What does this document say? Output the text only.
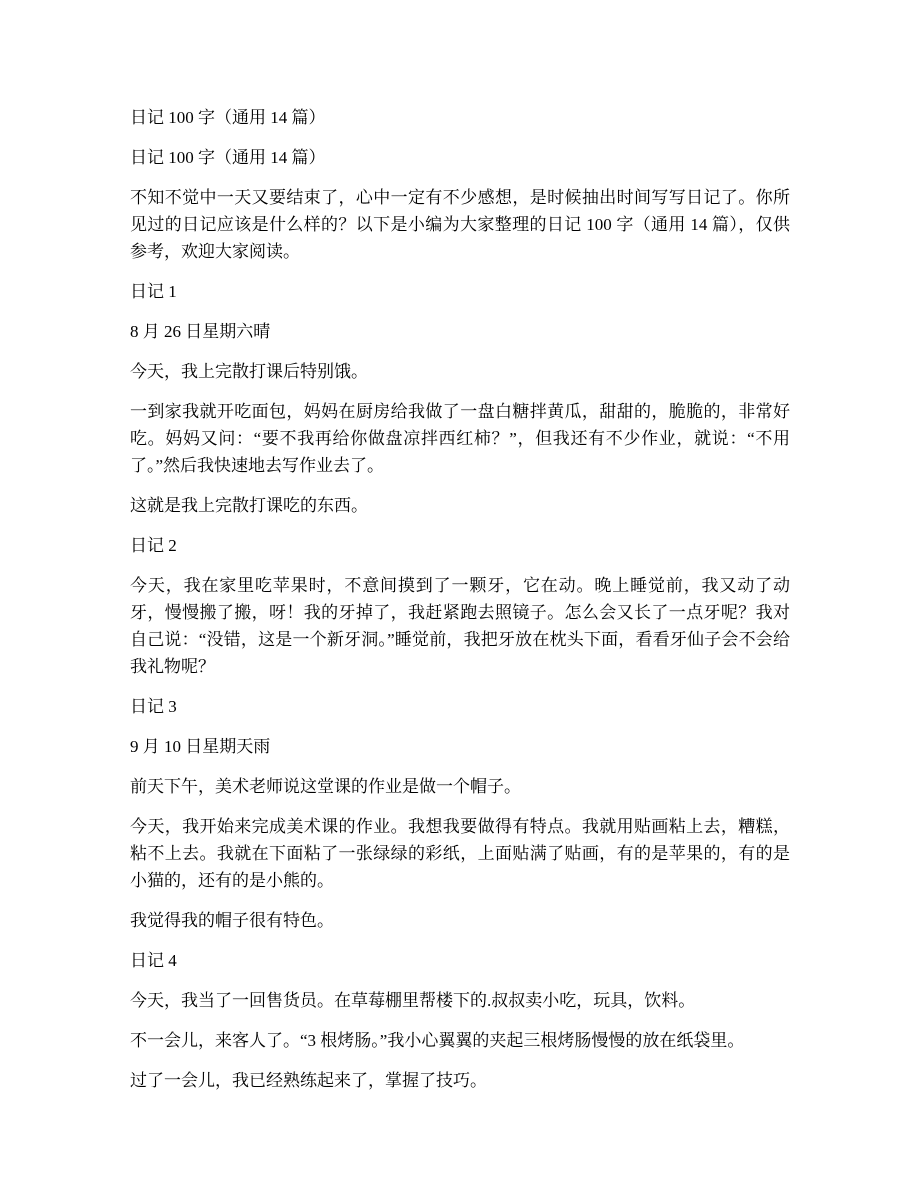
日记 100 字（通用 14 篇）

日记 100 字（通用 14 篇）

不知不觉中一天又要结束了，心中一定有不少感想，是时候抽出时间写写日记了。你所见过的日记应该是什么样的？以下是小编为大家整理的日记 100 字（通用 14 篇），仅供参考，欢迎大家阅读。

日记 1

8 月 26 日星期六晴

今天，我上完散打课后特别饿。

一到家我就开吃面包，妈妈在厨房给我做了一盘白糖拌黄瓜，甜甜的，脆脆的，非常好吃。妈妈又问：“要不我再给你做盘凉拌西红柿？”，但我还有不少作业，就说：“不用了。”然后我快速地去写作业去了。

这就是我上完散打课吃的东西。

日记 2

今天，我在家里吃苹果时，不意间摸到了一颗牙，它在动。晚上睡觉前，我又动了动牙，慢慢搬了搬，呀！我的牙掉了，我赶紧跑去照镜子。怎么会又长了一点牙呢？我对自己说：“没错，这是一个新牙洞。”睡觉前，我把牙放在枕头下面，看看牙仙子会不会给我礼物呢？

日记 3

9 月 10 日星期天雨

前天下午，美术老师说这堂课的作业是做一个帽子。

今天，我开始来完成美术课的作业。我想我要做得有特点。我就用贴画粘上去，糟糕，粘不上去。我就在下面粘了一张绿绿的彩纸，上面贴满了贴画，有的是苹果的，有的是小猫的，还有的是小熊的。

我觉得我的帽子很有特色。

日记 4

今天，我当了一回售货员。在草莓棚里帮楼下的.叔叔卖小吃，玩具，饮料。

不一会儿，来客人了。“3 根烤肠。”我小心翼翼的夹起三根烤肠慢慢的放在纸袋里。

过了一会儿，我已经熟练起来了，掌握了技巧。
